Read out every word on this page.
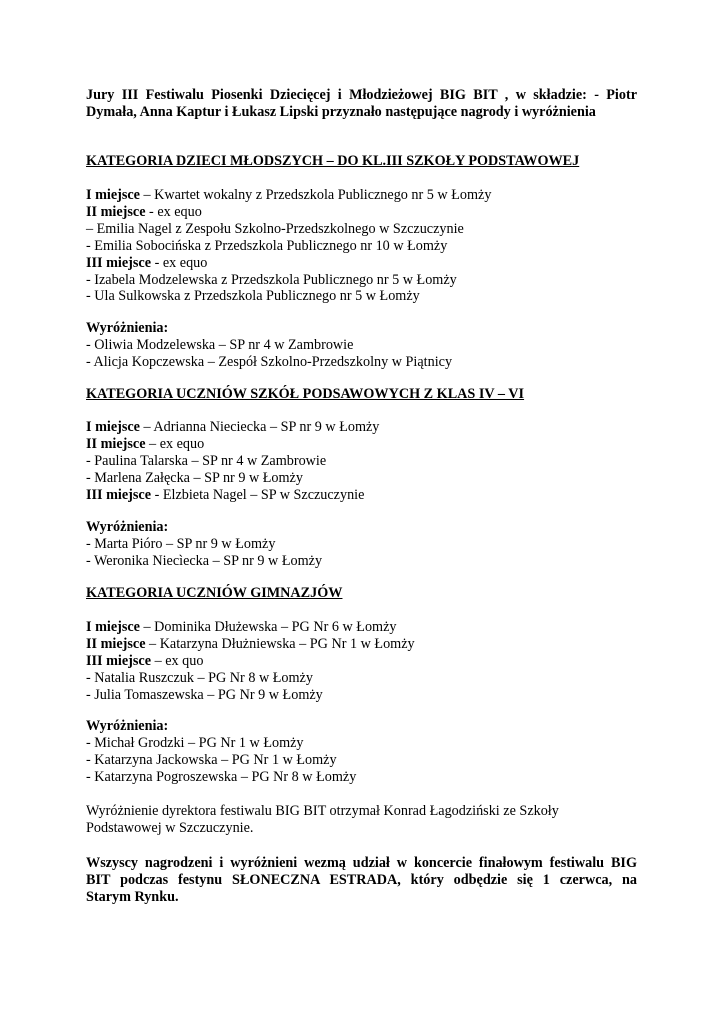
Jury III Festiwalu Piosenki Dziecięcej i Młodzieżowej BIG BIT , w składzie: - Piotr
Dymała, Anna Kaptur i Łukasz Lipski przyznało następujące nagrody i wyróżnienia
KATEGORIA DZIECI MŁODSZYCH – DO KL.III SZKOŁY PODSTAWOWEJ
I miejsce – Kwartet wokalny z Przedszkola Publicznego nr 5 w Łomży
II miejsce - ex equo
– Emilia Nagel z Zespołu Szkolno-Przedszkolnego w Szczuczynie
- Emilia Sobocińska z Przedszkola Publicznego nr 10 w Łomży
III miejsce - ex equo
- Izabela Modzelewska z Przedszkola Publicznego nr 5 w Łomży
- Ula Sulkowska z Przedszkola Publicznego nr 5 w Łomży
Wyróżnienia:
- Oliwia Modzelewska – SP nr 4 w Zambrowie
- Alicja Kopczewska – Zespół Szkolno-Przedszkolny w Piątnicy
KATEGORIA UCZNIÓW SZKÓŁ PODSAWOWYCH Z KLAS IV – VI
I miejsce – Adrianna Nieciecka – SP nr 9 w Łomży
II miejsce – ex equo
- Paulina Talarska – SP nr 4 w Zambrowie
- Marlena Załęcka – SP nr 9 w Łomży
III miejsce - Elzbieta Nagel – SP w Szczuczynie
Wyróżnienia:
- Marta Pióro – SP nr 9 w Łomży
- Weronika Niecìecka – SP nr 9 w Łomży
KATEGORIA UCZNIÓW GIMNAZJÓW
I miejsce – Dominika Dłużewska – PG Nr 6 w Łomży
II miejsce – Katarzyna Dłużniewska – PG Nr 1 w Łomży
III miejsce – ex quo
- Natalia Ruszczuk – PG Nr 8 w Łomży
- Julia Tomaszewska – PG Nr 9 w Łomży
Wyróżnienia:
- Michał Grodzki – PG Nr 1 w Łomży
- Katarzyna Jackowska – PG Nr 1 w Łomży
- Katarzyna Pogroszewska – PG Nr 8 w Łomży
Wyróżnienie dyrektora festiwalu BIG BIT otrzymał Konrad Łagodziński ze Szkoły
Podstawowej w Szczuczynie.
Wszyscy nagrodzeni i wyróżnieni wezmą udział w koncercie finałowym festiwalu BIG
BIT podczas festynu SŁONECZNA ESTRADA, który odbędzie się 1 czerwca, na
Starym Rynku.
